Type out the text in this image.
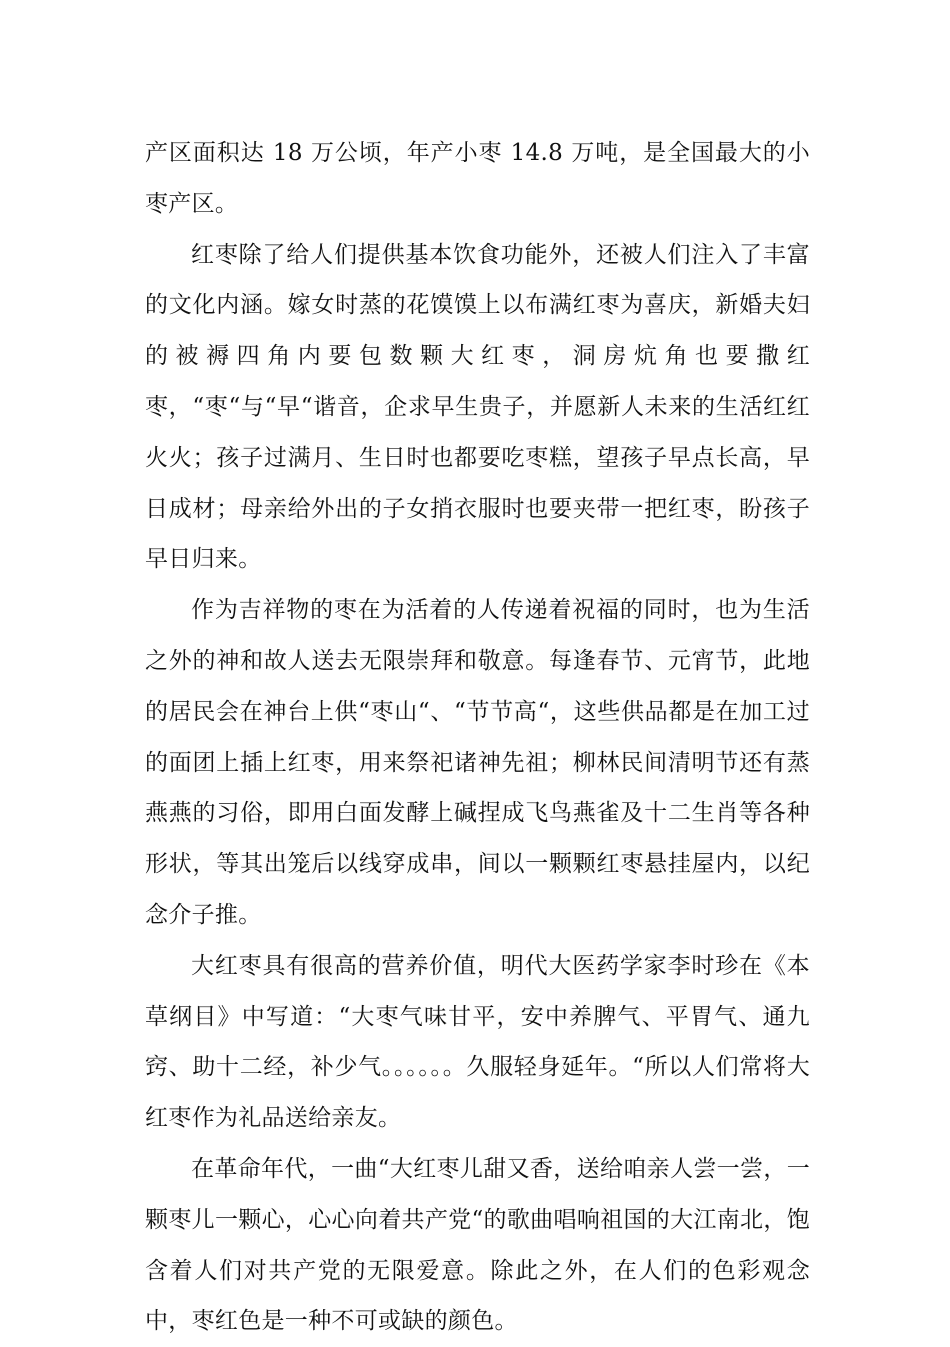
产区面积达 18 万公顷，年产小枣 14.8 万吨，是全国最大的小枣产区。

红枣除了给人们提供基本饮食功能外，还被人们注入了丰富的文化内涵。嫁女时蒸的花馍馍上以布满红枣为喜庆，新婚夫妇的被褥四角内要包数颗大红枣，洞房炕角也要撒红枣，“枣“与“早“谐音，企求早生贵子，并愿新人未来的生活红红火火；孩子过满月、生日时也都要吃枣糕，望孩子早点长高，早日成材；母亲给外出的子女捎衣服时也要夹带一把红枣，盼孩子早日归来。

作为吉祥物的枣在为活着的人传递着祝福的同时，也为生活之外的神和故人送去无限崇拜和敬意。每逢春节、元宵节，此地的居民会在神台上供“枣山“、“节节高“，这些供品都是在加工过的面团上插上红枣，用来祭祀诸神先祖；柳林民间清明节还有蒸燕燕的习俗，即用白面发酵上碱捏成飞鸟燕雀及十二生肖等各种形状，等其出笼后以线穿成串，间以一颗颗红枣悬挂屋内，以纪念介子推。

大红枣具有很高的营养价值，明代大医药学家李时珍在《本草纲目》中写道：“大枣气味甘平，安中养脾气、平胃气、通九窍、助十二经，补少气。。。。。。久服轻身延年。“所以人们常将大红枣作为礼品送给亲友。

在革命年代，一曲“大红枣儿甜又香，送给咱亲人尝一尝，一颗枣儿一颗心，心心向着共产党“的歌曲唱响祖国的大江南北，饱含着人们对共产党的无限爱意。除此之外，在人们的色彩观念中，枣红色是一种不可或缺的颜色。
